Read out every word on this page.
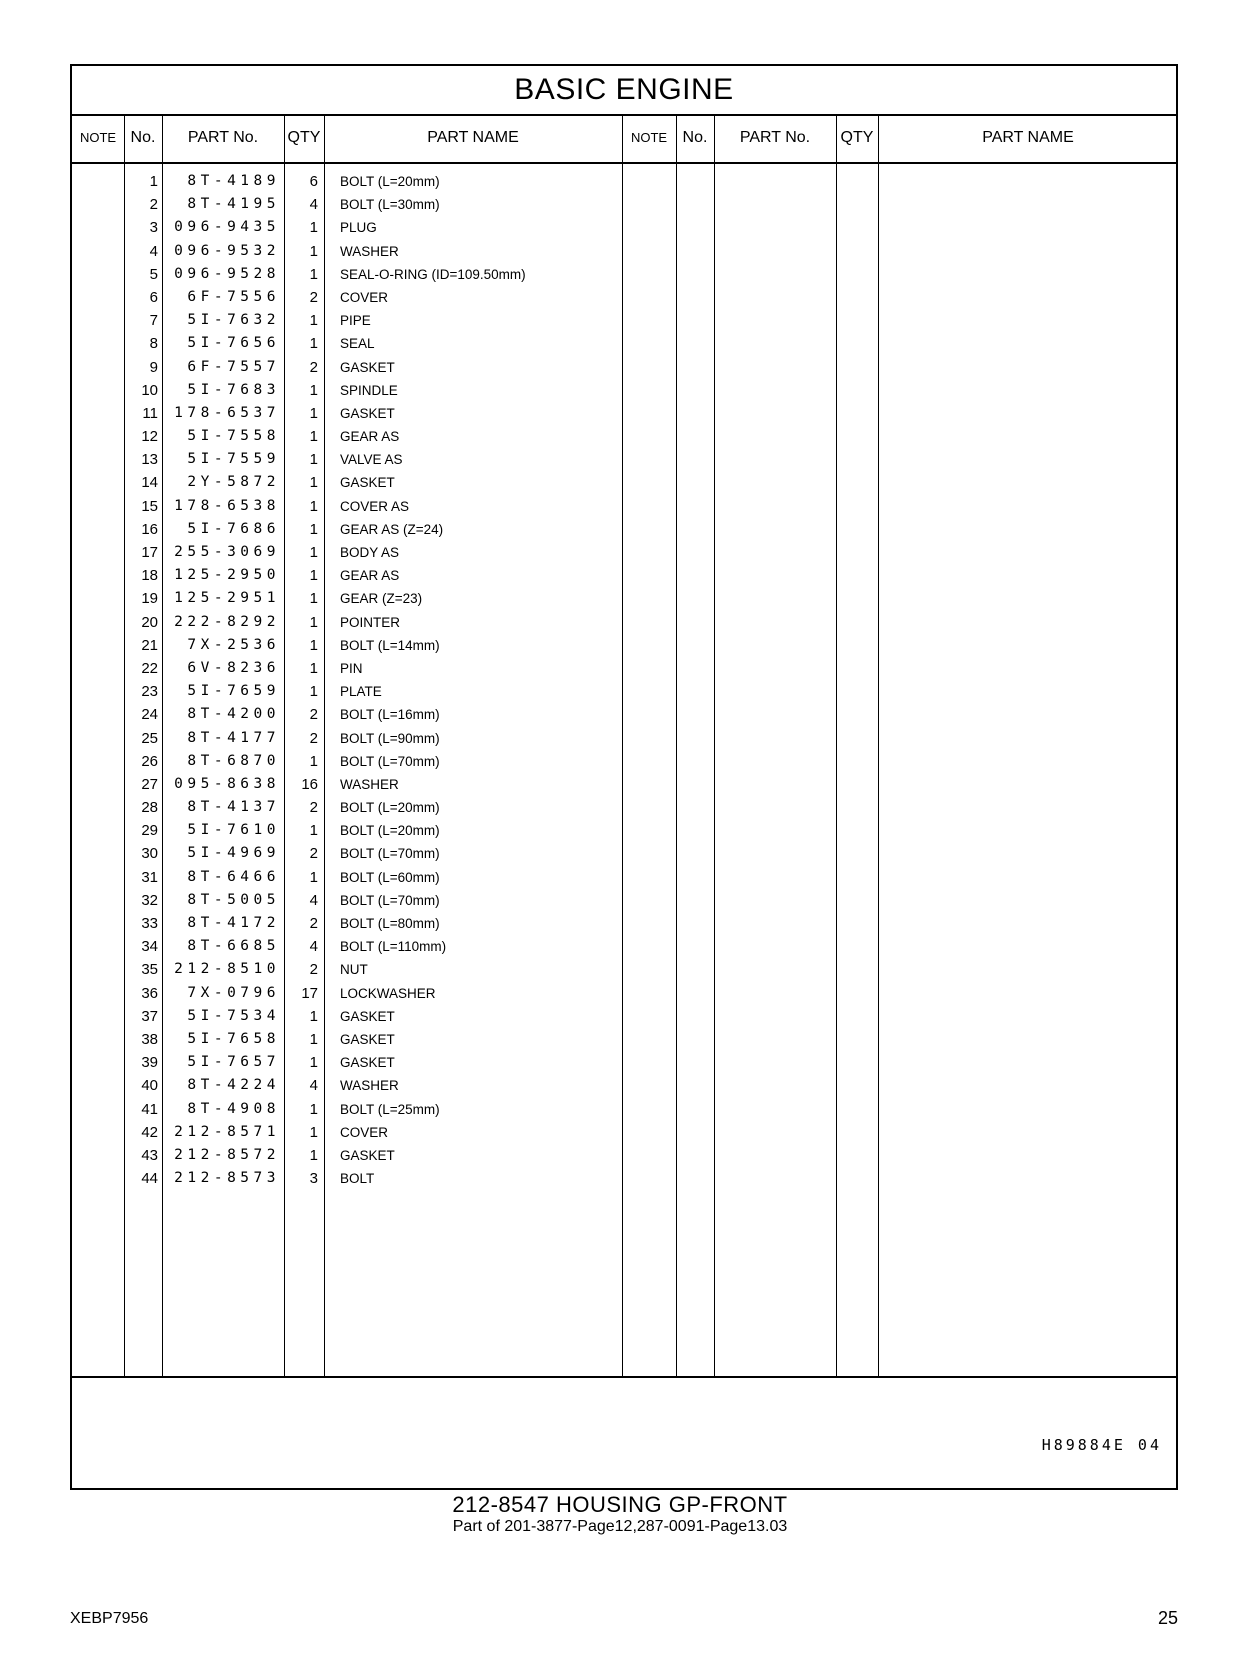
BASIC ENGINE
NOTE No.	PART No.	QTY	PART NAME	NOTE No.	PART No.	QTY	PART NAME
1	8T-4189	6 BOLT (L=20mm)
2	8T-4195	4 BOLT (L=30mm)
3	096-9435	1 PLUG
4	096-9532	1 WASHER
5	096-9528	1 SEAL-O-RING (ID=109.50mm)
6	6F-7556	2 COVER
7	5I-7632	1 PIPE
8	5I-7656	1 SEAL
9	6F-7557	2 GASKET
10	5I-7683	1 SPINDLE
11	178-6537	1 GASKET
12	5I-7558	1 GEAR AS
13	5I-7559	1 VALVE AS
14	2Y-5872	1 GASKET
15	178-6538	1 COVER AS
16	5I-7686	1 GEAR AS (Z=24)
17	255-3069	1 BODY AS
18	125-2950	1 GEAR AS
19	125-2951	1 GEAR (Z=23)
20	222-8292	1 POINTER
21	7X-2536	1 BOLT (L=14mm)
22	6V-8236	1 PIN
23	5I-7659	1 PLATE
24	8T-4200	2 BOLT (L=16mm)
25	8T-4177	2 BOLT (L=90mm)
26	8T-6870	1 BOLT (L=70mm)
27	095-8638	16 WASHER
28	8T-4137	2 BOLT (L=20mm)
29	5I-7610	1 BOLT (L=20mm)
30	5I-4969	2 BOLT (L=70mm)
31	8T-6466	1 BOLT (L=60mm)
32	8T-5005	4 BOLT (L=70mm)
33	8T-4172	2 BOLT (L=80mm)
34	8T-6685	4 BOLT (L=110mm)
35	212-8510	2 NUT
36	7X-0796	17 LOCKWASHER
37	5I-7534	1 GASKET
38	5I-7658	1 GASKET
39	5I-7657	1 GASKET
40	8T-4224	4 WASHER
41	8T-4908	1 BOLT (L=25mm)
42	212-8571	1 COVER
43	212-8572	1 GASKET
44	212-8573	3 BOLT
H89884E 04
212-8547 HOUSING GP-FRONT
Part of 201-3877-Page12,287-0091-Page13.03
XEBP7956	25
